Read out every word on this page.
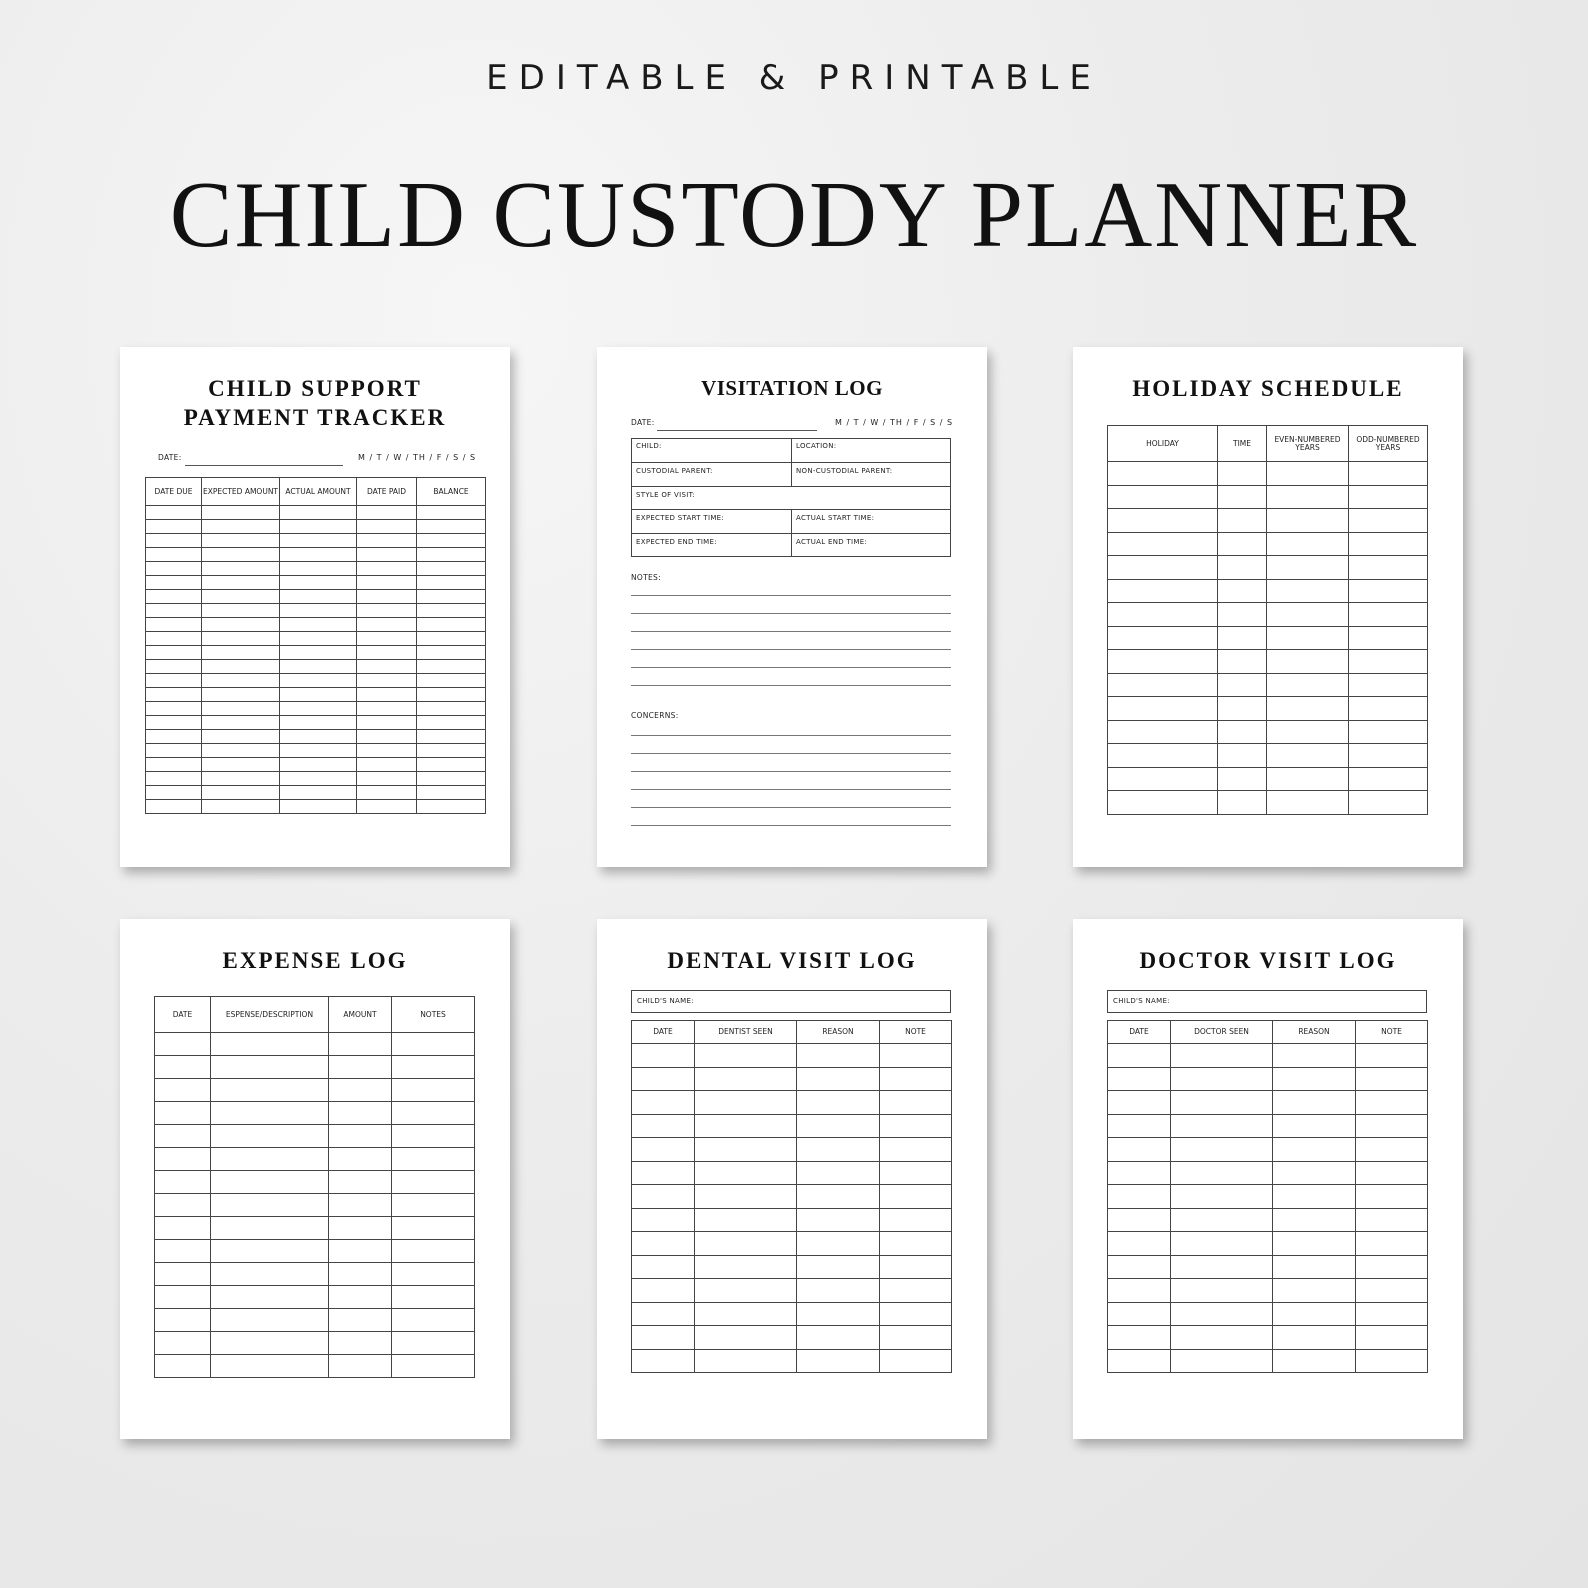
EDITABLE & PRINTABLE
CHILD CUSTODY PLANNER
CHILD SUPPORT
PAYMENT TRACKER
DATE:	M / T / W / TH / F / S / S
DATE DUE	EXPECTED AMOUNT	ACTUAL AMOUNT	DATE PAID	BALANCE

VISITATION LOG
DATE:	M / T / W / TH / F / S / S
CHILD:	LOCATION:
CUSTODIAL PARENT:	NON-CUSTODIAL PARENT:
STYLE OF VISIT:
EXPECTED START TIME:	ACTUAL START TIME:
EXPECTED END TIME:	ACTUAL END TIME:
NOTES:
CONCERNS:
HOLIDAY SCHEDULE
HOLIDAY	TIME	EVEN-NUMBERED YEARS	ODD-NUMBERED YEARS

EXPENSE LOG
DATE	ESPENSE/DESCRIPTION	AMOUNT	NOTES

DENTAL VISIT LOG
CHILD'S NAME:
DATE	DENTIST SEEN	REASON	NOTE

DOCTOR VISIT LOG
CHILD'S NAME:
DATE	DOCTOR SEEN	REASON	NOTE
